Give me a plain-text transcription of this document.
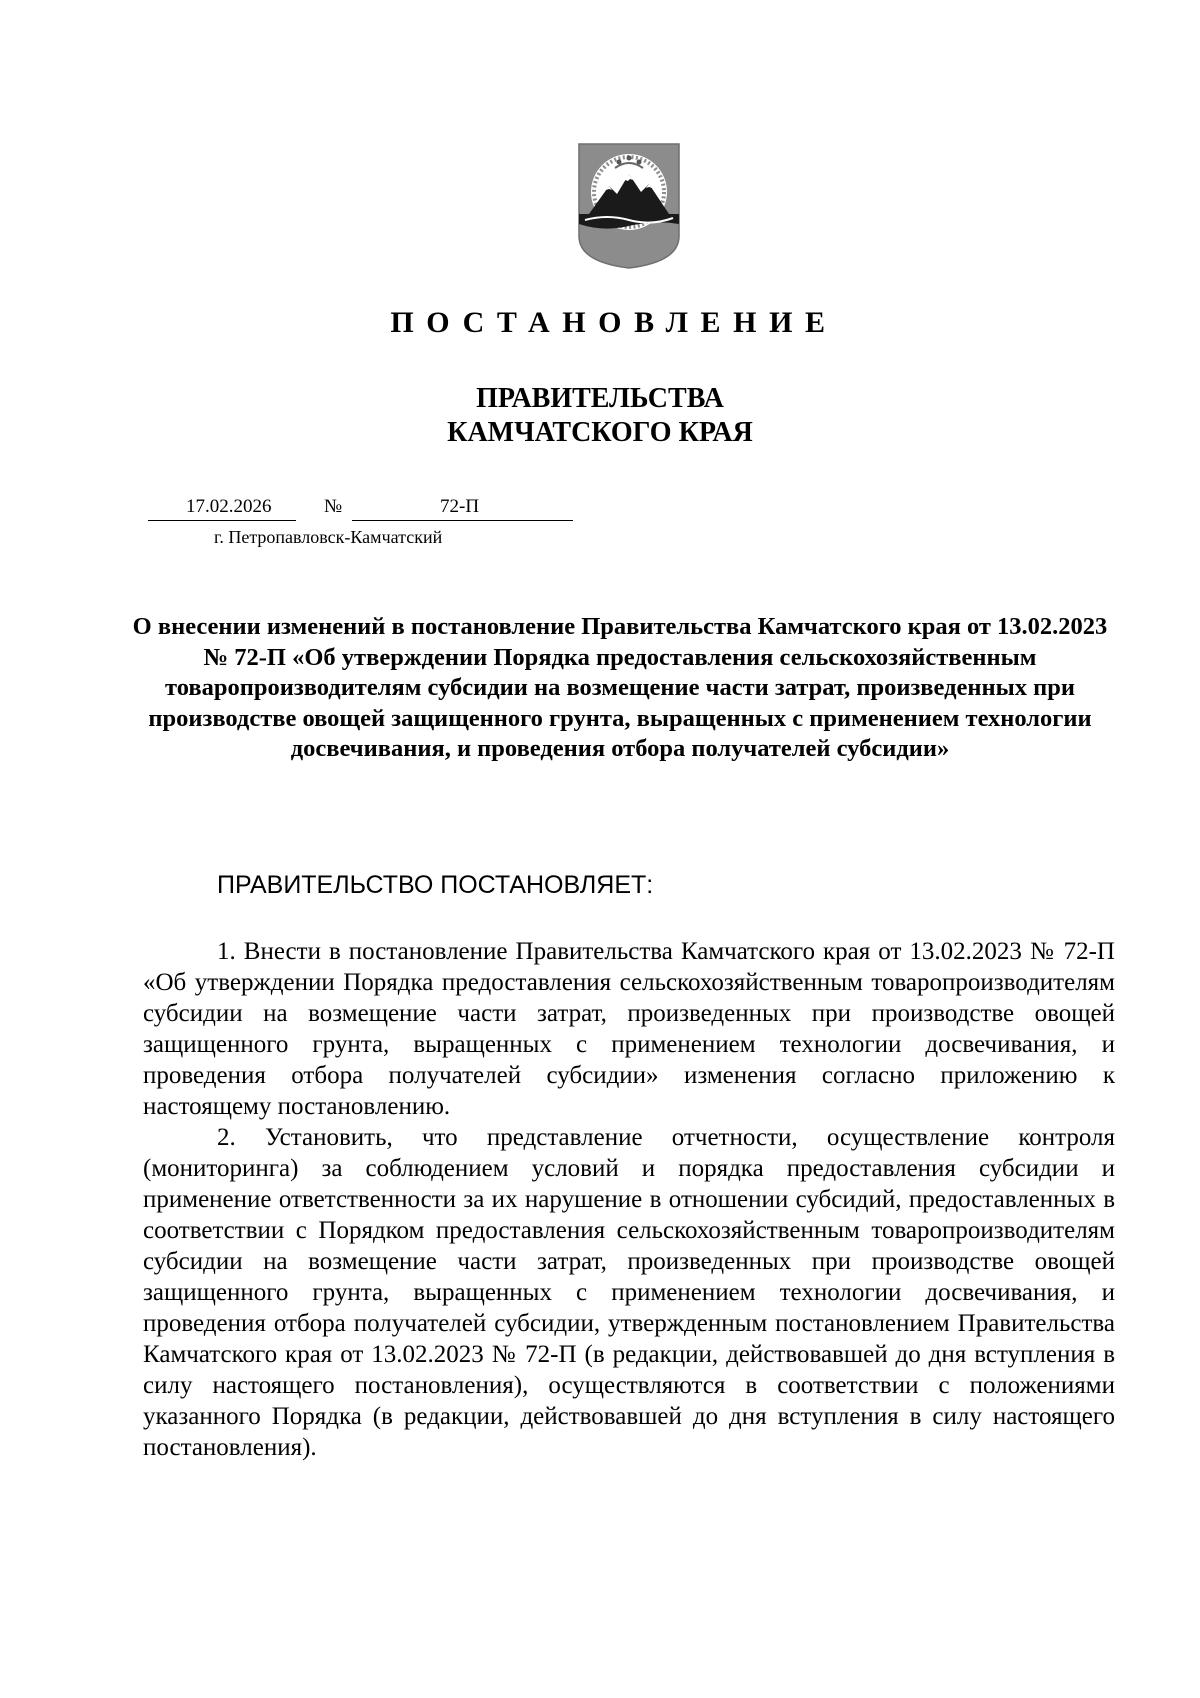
ПОСТАНОВЛЕНИЕ
ПРАВИТЕЛЬСТВА
КАМЧАТСКОГО КРАЯ
17.02.2026	№	72-П
г. Петропавловск-Камчатский
О внесении изменений в постановление Правительства Камчатского края от 13.02.2023 № 72-П «Об утверждении Порядка предоставления сельскохозяйственным товаропроизводителям субсидии на возмещение части затрат, произведенных при производстве овощей защищенного грунта, выращенных с применением технологии досвечивания, и проведения отбора получателей субсидии»
ПРАВИТЕЛЬСТВО ПОСТАНОВЛЯЕТ:

1. Внести в постановление Правительства Камчатского края от 13.02.2023 № 72-П «Об утверждении Порядка предоставления сельскохозяйственным товаропроизводителям субсидии на возмещение части затрат, произведенных при производстве овощей защищенного грунта, выращенных с применением технологии досвечивания, и проведения отбора получателей субсидии» изменения согласно приложению к настоящему постановлению.

2. Установить, что представление отчетности, осуществление контроля (мониторинга) за соблюдением условий и порядка предоставления субсидии и применение ответственности за их нарушение в отношении субсидий, предоставленных в соответствии с Порядком предоставления сельскохозяйственным товаропроизводителям субсидии на возмещение части затрат, произведенных при производстве овощей защищенного грунта, выращенных с применением технологии досвечивания, и проведения отбора получателей субсидии, утвержденным постановлением Правительства Камчатского края от 13.02.2023 № 72-П (в редакции, действовавшей до дня вступления в силу настоящего постановления), осуществляются в соответствии с положениями указанного Порядка (в редакции, действовавшей до дня вступления в силу настоящего постановления).
